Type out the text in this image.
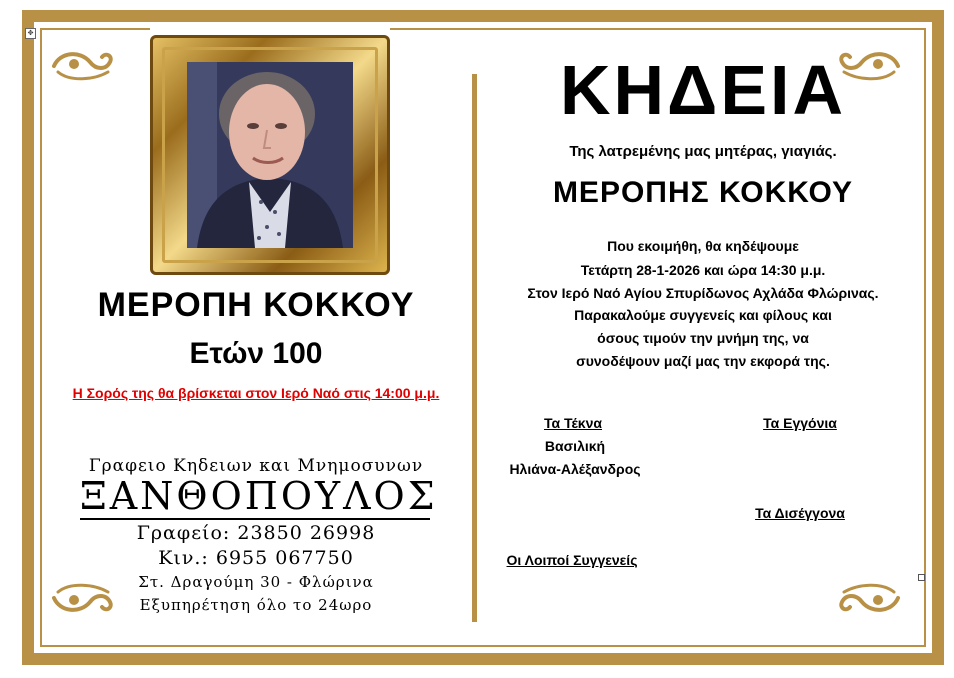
✥
ΜΕΡΟΠΗ ΚΟΚΚΟΥ
Ετών 100
Η Σορός της θα βρίσκεται στον Ιερό Ναό στις 14:00 μ.μ.
Γραφειο Κηδειων και Μνημοσυνων
ΞΑΝΘΟΠΟΥΛΟΣ
Γραφείο: 23850 26998
Κιν.: 6955 067750
Στ. Δραγούμη 30 - Φλώρινα
Εξυπηρέτηση όλο το 24ωρο
ΚΗΔΕΙΑ
Της λατρεμένης μας μητέρας, γιαγιάς.
ΜΕΡΟΠΗΣ ΚΟΚΚΟΥ
Που εκοιμήθη, θα κηδέψουμε
Τετάρτη 28-1-2026 και ώρα 14:30 μ.μ.
Στον Ιερό Ναό Αγίου Σπυρίδωνος Αχλάδα Φλώρινας.
Παρακαλούμε συγγενείς και φίλους και
όσους τιμούν την μνήμη της, να
συνοδέψουν μαζί μας την εκφορά της.
Τα Τέκνα
Βασιλική
Ηλιάνα-Αλέξανδρος
Τα Εγγόνια
Τα Δισέγγονα
Οι Λοιποί Συγγενείς
